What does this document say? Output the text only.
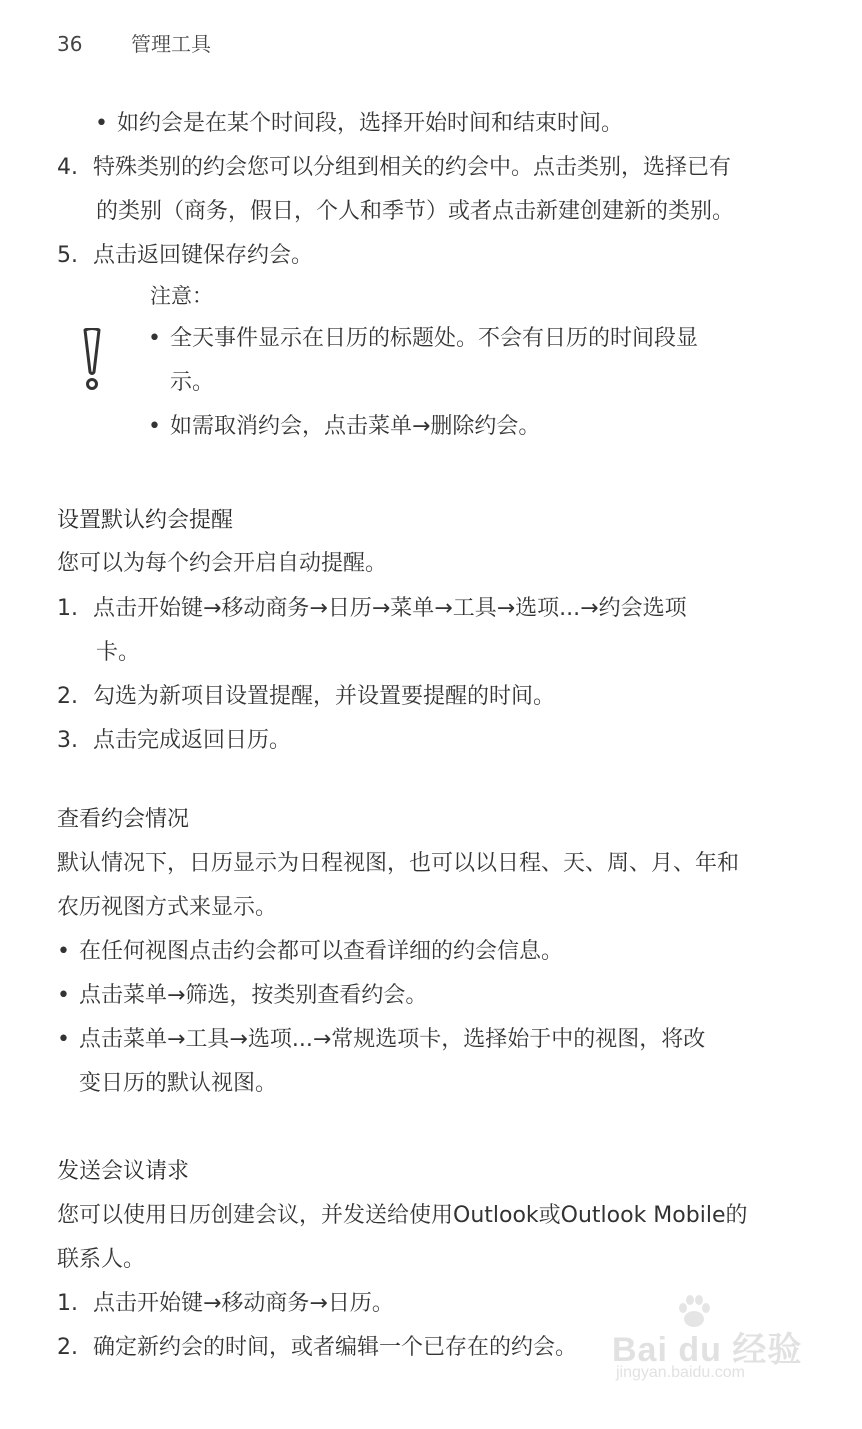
36 管理工具
• 如约会是在某个时间段，选择开始时间和结束时间。
4. 特殊类别的约会您可以分组到相关的约会中。点击类别，选择已有
的类别（商务，假日，个人和季节）或者点击新建创建新的类别。
5. 点击返回键保存约会。
注意：
• 全天事件显示在日历的标题处。不会有日历的时间段显
示。
• 如需取消约会，点击菜单→删除约会。
设置默认约会提醒
您可以为每个约会开启自动提醒。
1. 点击开始键→移动商务→日历→菜单→工具→选项...→约会选项
卡。
2. 勾选为新项目设置提醒，并设置要提醒的时间。
3. 点击完成返回日历。
查看约会情况
默认情况下，日历显示为日程视图，也可以以日程、天、周、月、年和
农历视图方式来显示。
• 在任何视图点击约会都可以查看详细的约会信息。
• 点击菜单→筛选，按类别查看约会。
• 点击菜单→工具→选项...→常规选项卡，选择始于中的视图，将改
变日历的默认视图。
发送会议请求
您可以使用日历创建会议，并发送给使用Outlook或Outlook Mobile的
联系人。
1. 点击开始键→移动商务→日历。
2. 确定新约会的时间，或者编辑一个已存在的约会。 Bai du 经验
jingyan.baidu.com
